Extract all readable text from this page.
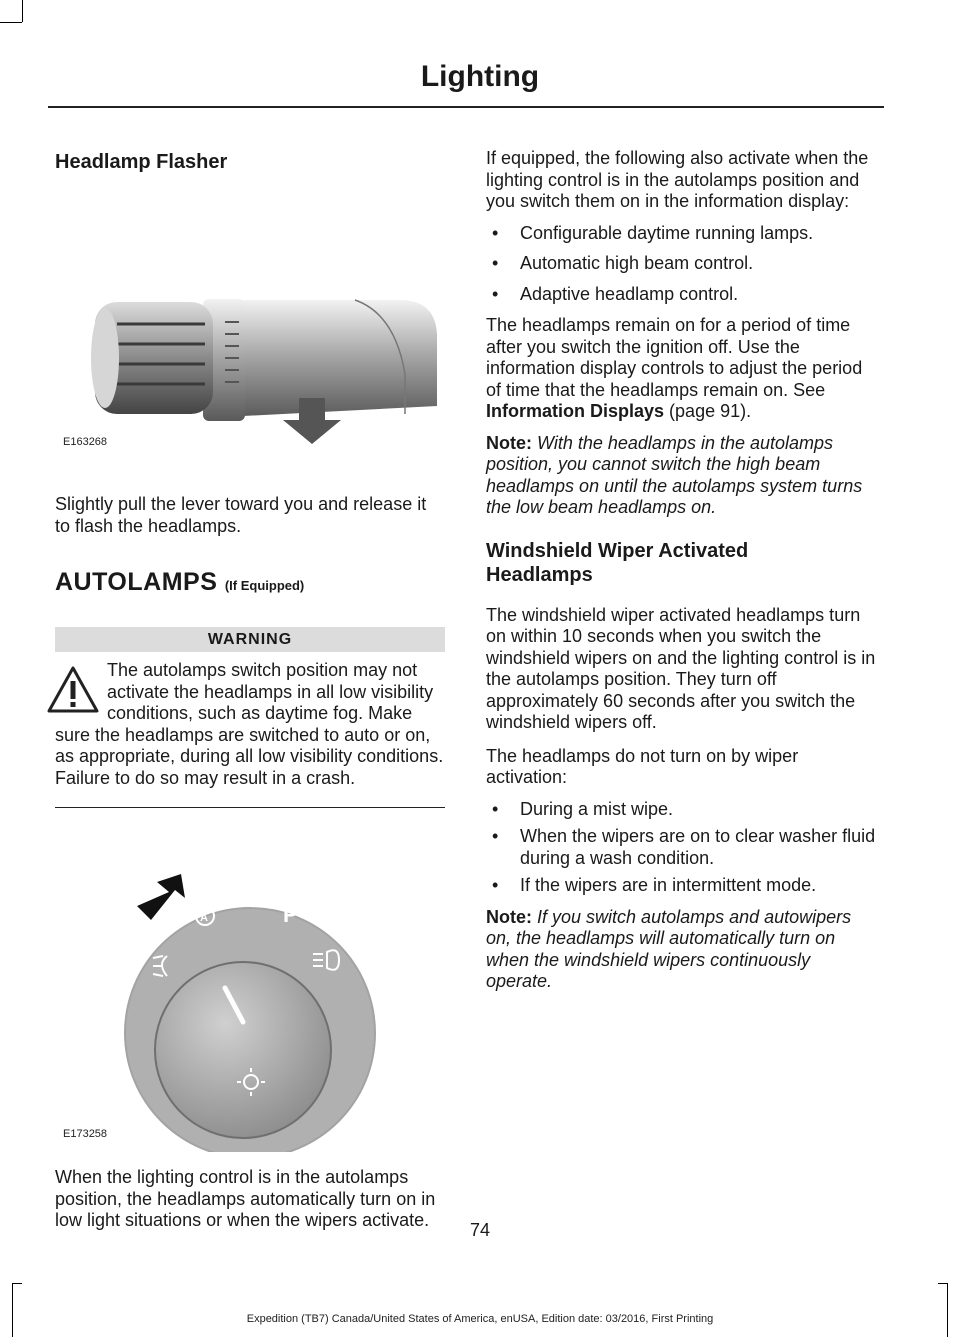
Lighting
Headlamp Flasher
E163268

Slightly pull the lever toward you and release it to flash the headlamps.

AUTOLAMPS (If Equipped)
WARNING
The autolamps switch position may not activate the headlamps in all low visibility conditions, such as daytime fog. Make sure the headlamps are switched to auto or on, as appropriate, during all low visibility conditions. Failure to do so may result in a crash.
A	P
E173258

When the lighting control is in the autolamps position, the headlamps automatically turn on in low light situations or when the wipers activate.

If equipped, the following also activate when the lighting control is in the autolamps position and you switch them on in the information display:

• Configurable daytime running lamps.
• Automatic high beam control.
• Adaptive headlamp control.

The headlamps remain on for a period of time after you switch the ignition off. Use the information display controls to adjust the period of time that the headlamps remain on. See Information Displays (page 91).

Note: With the headlamps in the autolamps position, you cannot switch the high beam headlamps on until the autolamps system turns the low beam headlamps on.

Windshield Wiper Activated Headlamps

The windshield wiper activated headlamps turn on within 10 seconds when you switch the windshield wipers on and the lighting control is in the autolamps position. They turn off approximately 60 seconds after you switch the windshield wipers off.

The headlamps do not turn on by wiper activation:

• During a mist wipe.
• When the wipers are on to clear washer fluid during a wash condition.
• If the wipers are in intermittent mode.

Note: If you switch autolamps and autowipers on, the headlamps will automatically turn on when the windshield wipers continuously operate.

74
Expedition (TB7) Canada/United States of America, enUSA, Edition date: 03/2016, First Printing
